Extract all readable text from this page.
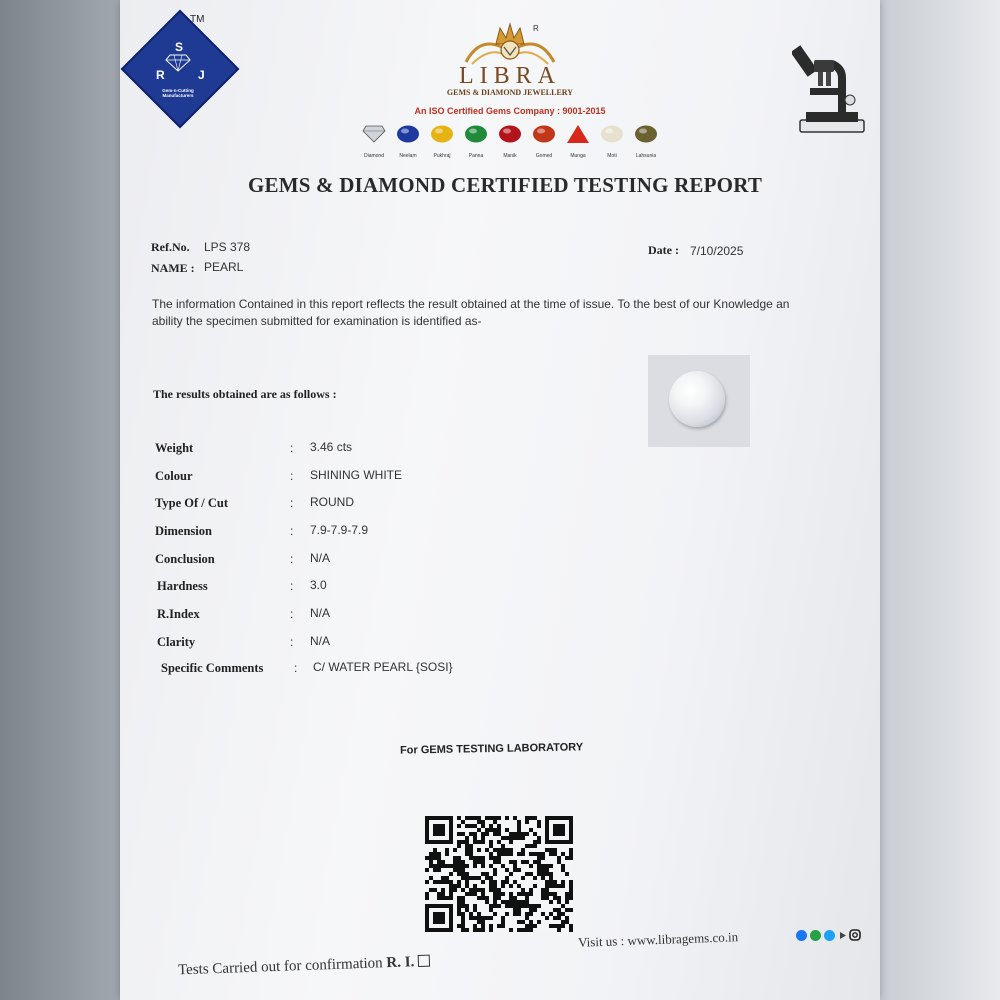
S
R	J
Gem-n-Cutting Manufacturers
TM
R
LIBRA
GEMS & DIAMOND JEWELLERY
An ISO Certified Gems Company : 9001-2015
Diamond	Neelam	Pukhraj	Panna	Manik	Gomed	Munga	Moti	Lahsunia
GEMS & DIAMOND CERTIFIED TESTING REPORT
Ref.No. LPS 378
NAME : PEARL
Date : 7/10/2025
The information Contained in this report reflects the result obtained at the time of issue. To the best of our Knowledge an ability the specimen submitted for examination is identified as-
The results obtained are as follows :
Weight	: 3.46 cts
Colour	: SHINING WHITE
Type Of / Cut	: ROUND
Dimension	: 7.9-7.9-7.9
Conclusion	: N/A
Hardness	: 3.0
R.Index	: N/A
Clarity	: N/A
Specific Comments	: C/ WATER PEARL {SOSI}
For GEMS TESTING LABORATORY
Visit us : www.libragems.co.in
Tests Carried out for confirmation R. I.
